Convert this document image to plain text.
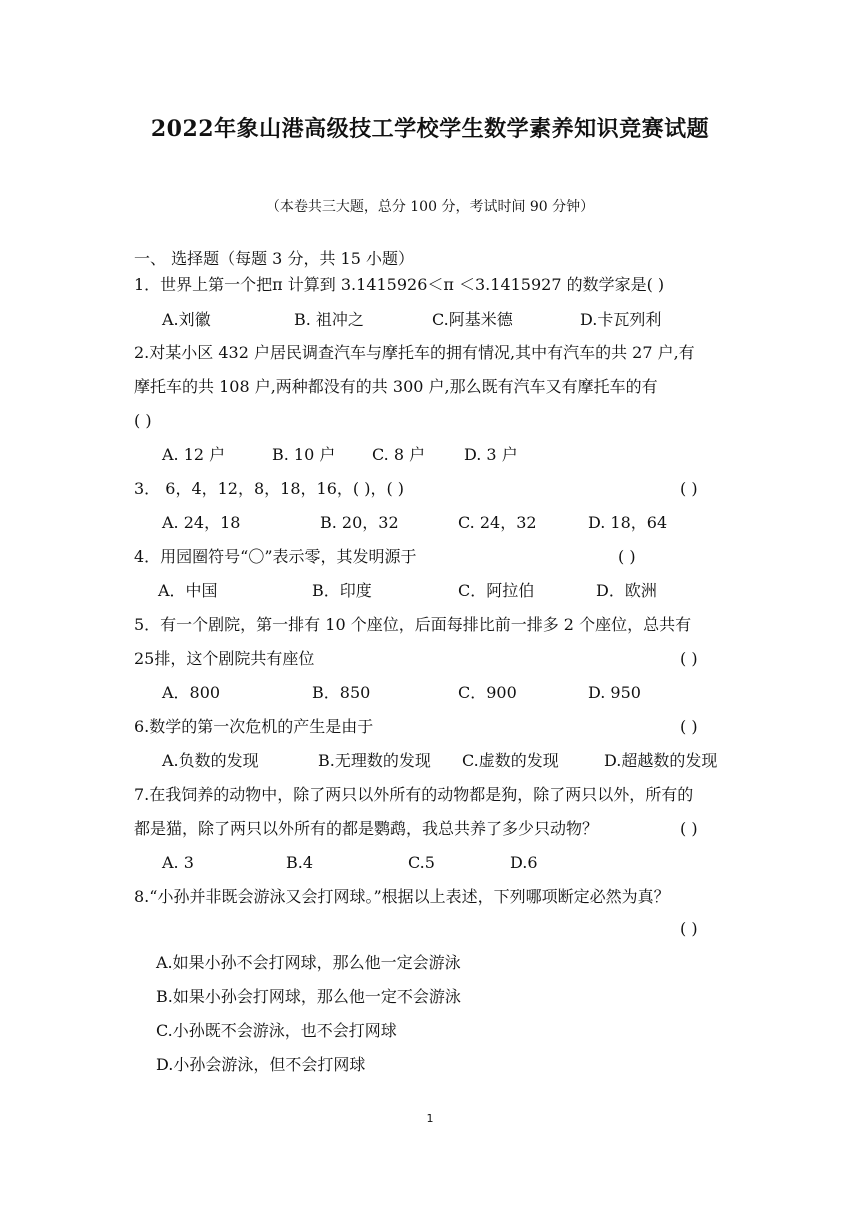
2022年象山港高级技工学校学生数学素养知识竞赛试题
（本卷共三大题，总分 100 分，考试时间 90 分钟）
一、 选择题（每题 3 分，共 15 小题）
1．世界上第一个把π 计算到 3.1415926＜π ＜3.1415927 的数学家是( )
A.刘徽	B. 祖冲之	C.阿基米德	D.卡瓦列利
2.对某小区 432 户居民调查汽车与摩托车的拥有情况,其中有汽车的共 27 户,有
摩托车的共 108 户,两种都没有的共 300 户,那么既有汽车又有摩托车的有
( )
A. 12 户	B. 10 户 C. 8 户 D. 3 户
3． 6，4，12，8，18，16，( )，( )	( )
A. 24，18	B. 20，32	C. 24，32	D. 18，64
4．用园圈符号“〇”表示零，其发明源于	( )
A．中国	B．印度	C．阿拉伯	D．欧洲
5．有一个剧院，第一排有 10 个座位，后面每排比前一排多 2 个座位，总共有
25排，这个剧院共有座位	( )
A．800	B．850	C．900	D. 950
6.数学的第一次危机的产生是由于	( )
A.负数的发现	B.无理数的发现 C.虚数的发现	D.超越数的发现
7.在我饲养的动物中，除了两只以外所有的动物都是狗，除了两只以外，所有的
都是猫，除了两只以外所有的都是鹦鹉，我总共养了多少只动物？	( )
A. 3	B.4	C.5	D.6
8.“小孙并非既会游泳又会打网球。”根据以上表述，下列哪项断定必然为真？
( )
A.如果小孙不会打网球，那么他一定会游泳
B.如果小孙会打网球，那么他一定不会游泳
C.小孙既不会游泳，也不会打网球
D.小孙会游泳，但不会打网球
1
